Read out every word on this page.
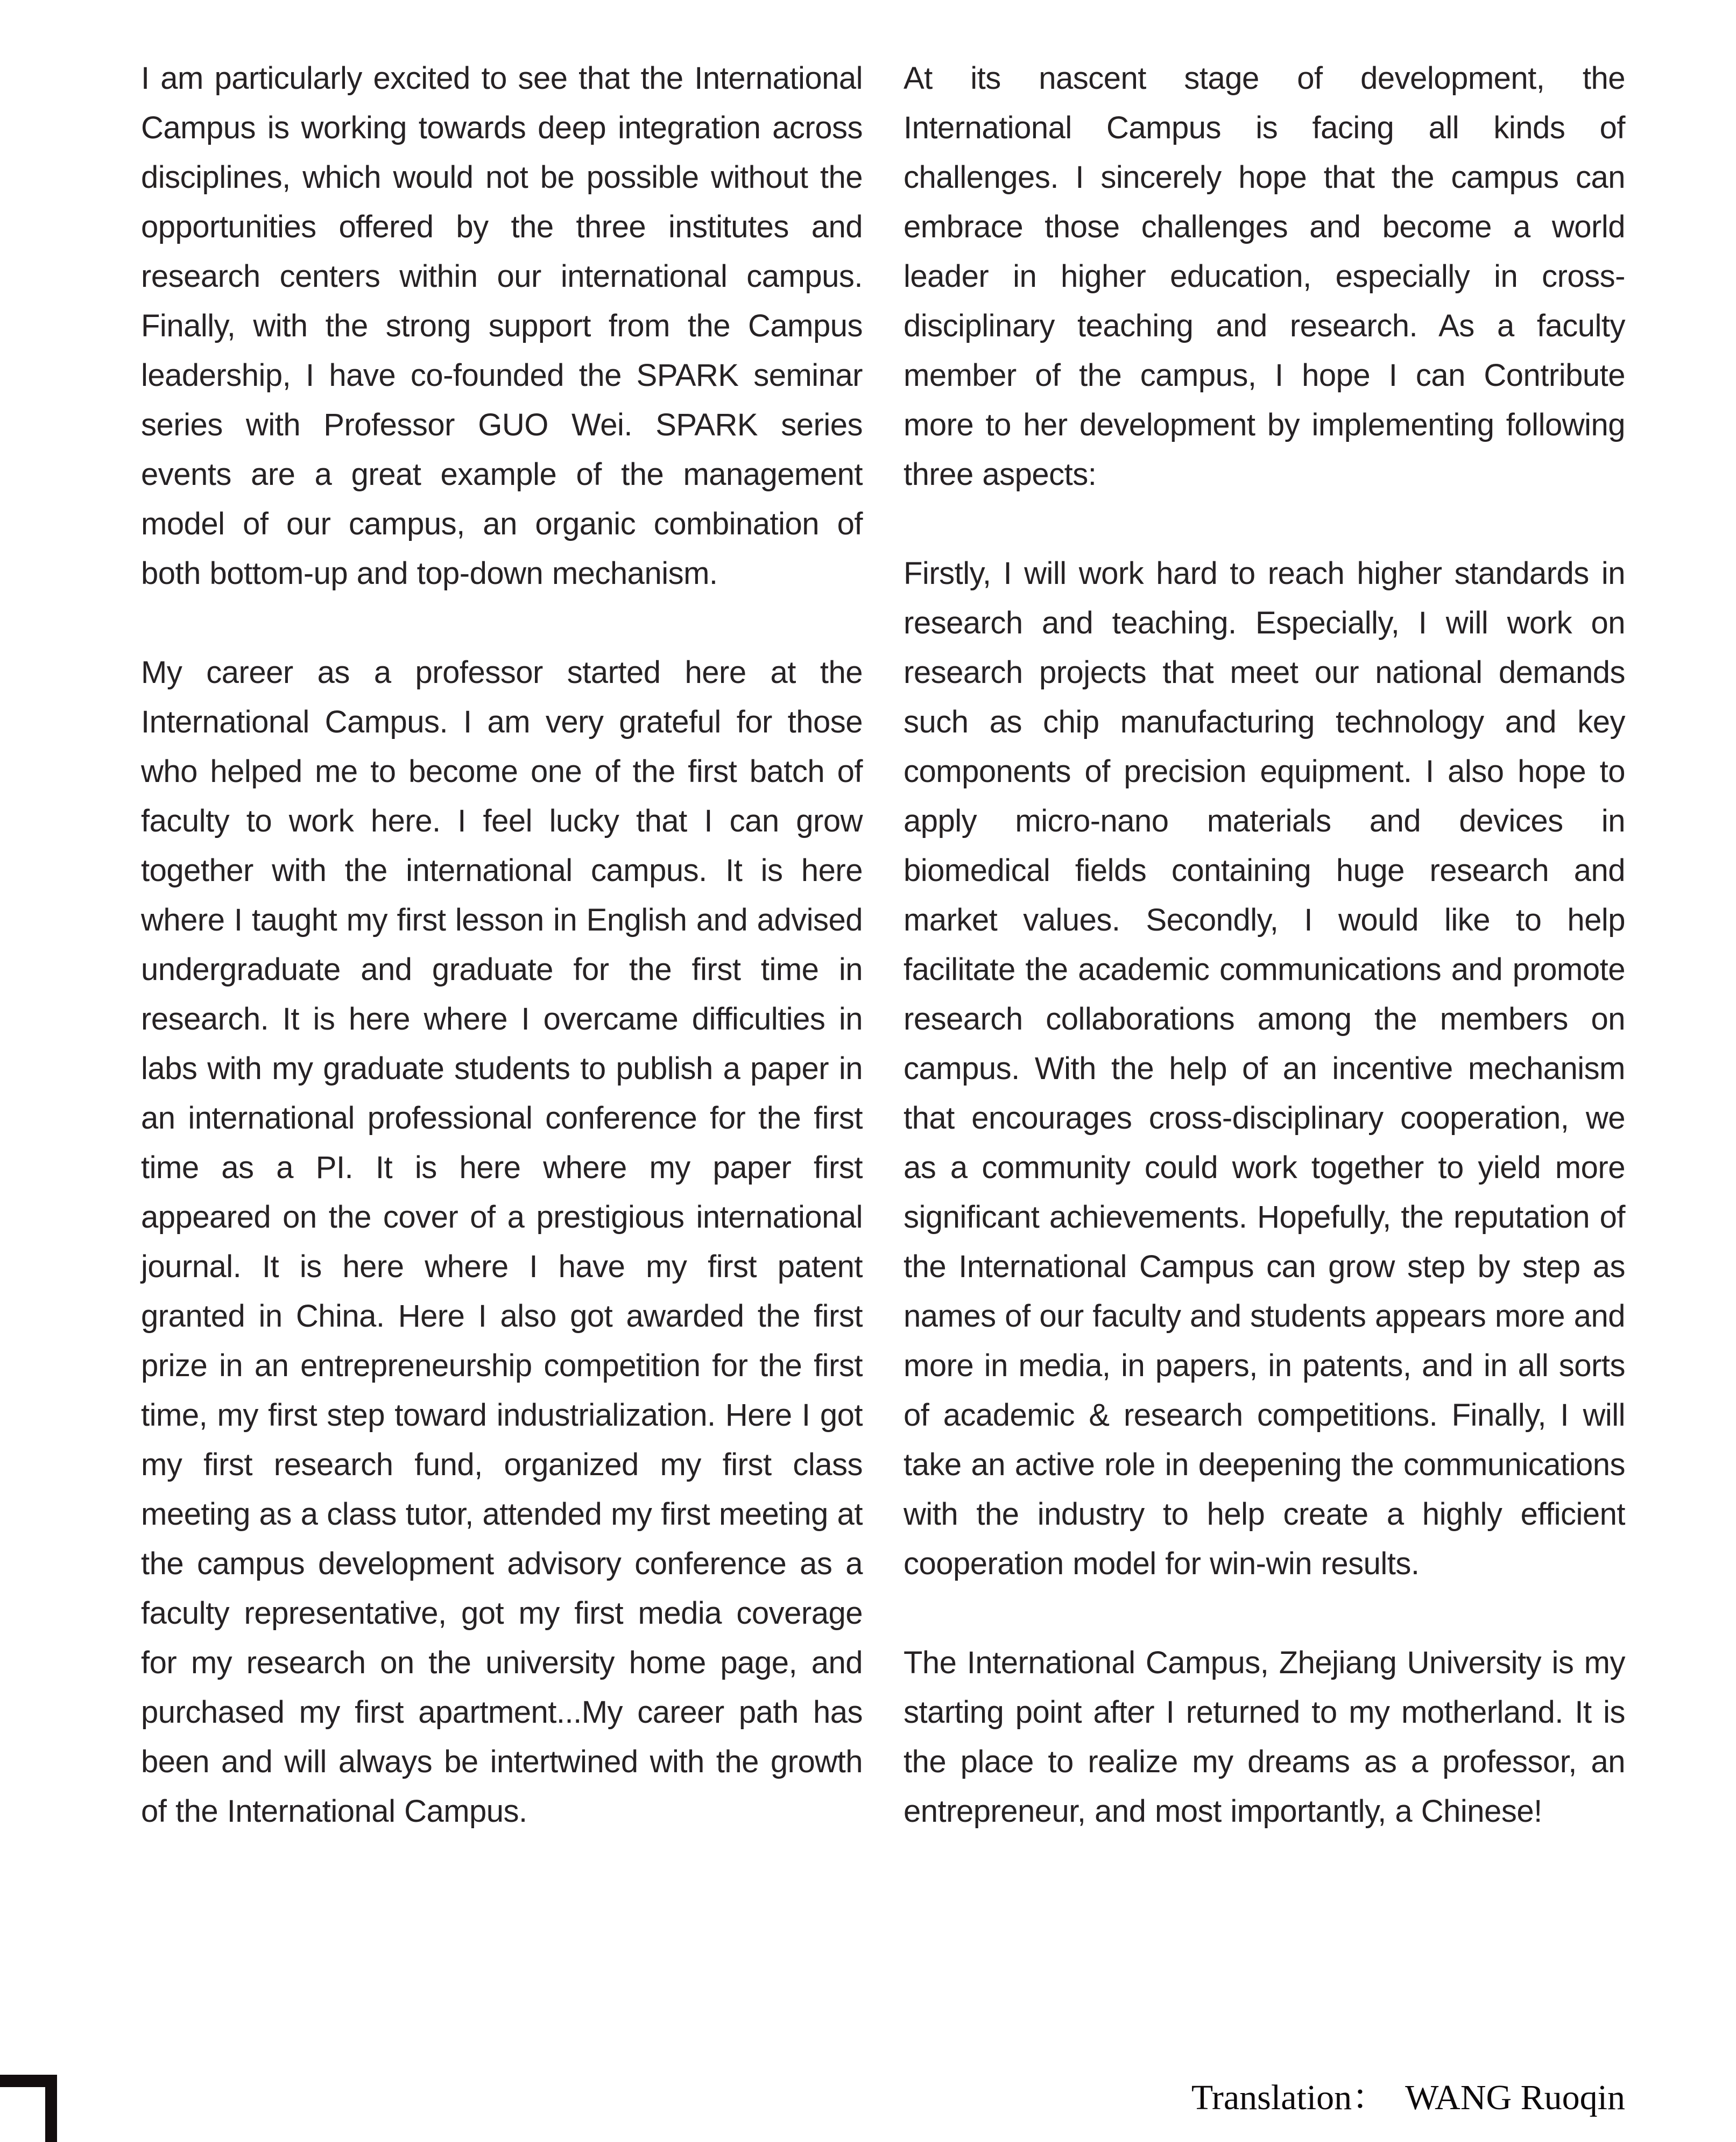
I am particularly excited to see that the International Campus is working towards deep integration across disciplines, which would not be possible without the opportunities offered by the three institutes and research centers within our international campus. Finally, with the strong support from the Campus leadership, I have co-founded the SPARK seminar series with Professor GUO Wei. SPARK series events are a great example of the management model of our campus, an organic combination of both bottom-up and top-down mechanism.

My career as a professor started here at the International Campus. I am very grateful for those who helped me to become one of the first batch of faculty to work here. I feel lucky that I can grow together with the international campus. It is here where I taught my first lesson in English and advised undergraduate and graduate for the first time in research. It is here where I overcame difficulties in labs with my graduate students to publish a paper in an international professional conference for the first time as a PI. It is here where my paper first appeared on the cover of a prestigious international journal. It is here where I have my first patent granted in China. Here I also got awarded the first prize in an entrepreneurship competition for the first time, my first step toward industrialization. Here I got my first research fund, organized my first class meeting as a class tutor, attended my first meeting at the campus development advisory conference as a faculty representative, got my first media coverage for my research on the university home page, and purchased my first apartment...My career path has been and will always be intertwined with the growth of the International Campus.

At its nascent stage of development, the International Campus is facing all kinds of challenges. I sincerely hope that the campus can embrace those challenges and become a world leader in higher education, especially in cross-disciplinary teaching and research. As a faculty member of the campus, I hope I can Contribute more to her development by implementing following three aspects:

Firstly, I will work hard to reach higher standards in research and teaching. Especially, I will work on research projects that meet our national demands such as chip manufacturing technology and key components of precision equipment. I also hope to apply micro-nano materials and devices in biomedical fields containing huge research and market values. Secondly, I would like to help facilitate the academic communications and promote research collaborations among the members on campus. With the help of an incentive mechanism that encourages cross-disciplinary cooperation, we as a community could work together to yield more significant achievements. Hopefully, the reputation of the International Campus can grow step by step as names of our faculty and students appears more and more in media, in papers, in patents, and in all sorts of academic & research competitions. Finally, I will take an active role in deepening the communications with the industry to help create a highly efficient cooperation model for win-win results.

The International Campus, Zhejiang University is my starting point after I returned to my motherland. It is the place to realize my dreams as a professor, an entrepreneur, and most importantly, a Chinese!

Translation： WANG Ruoqin
